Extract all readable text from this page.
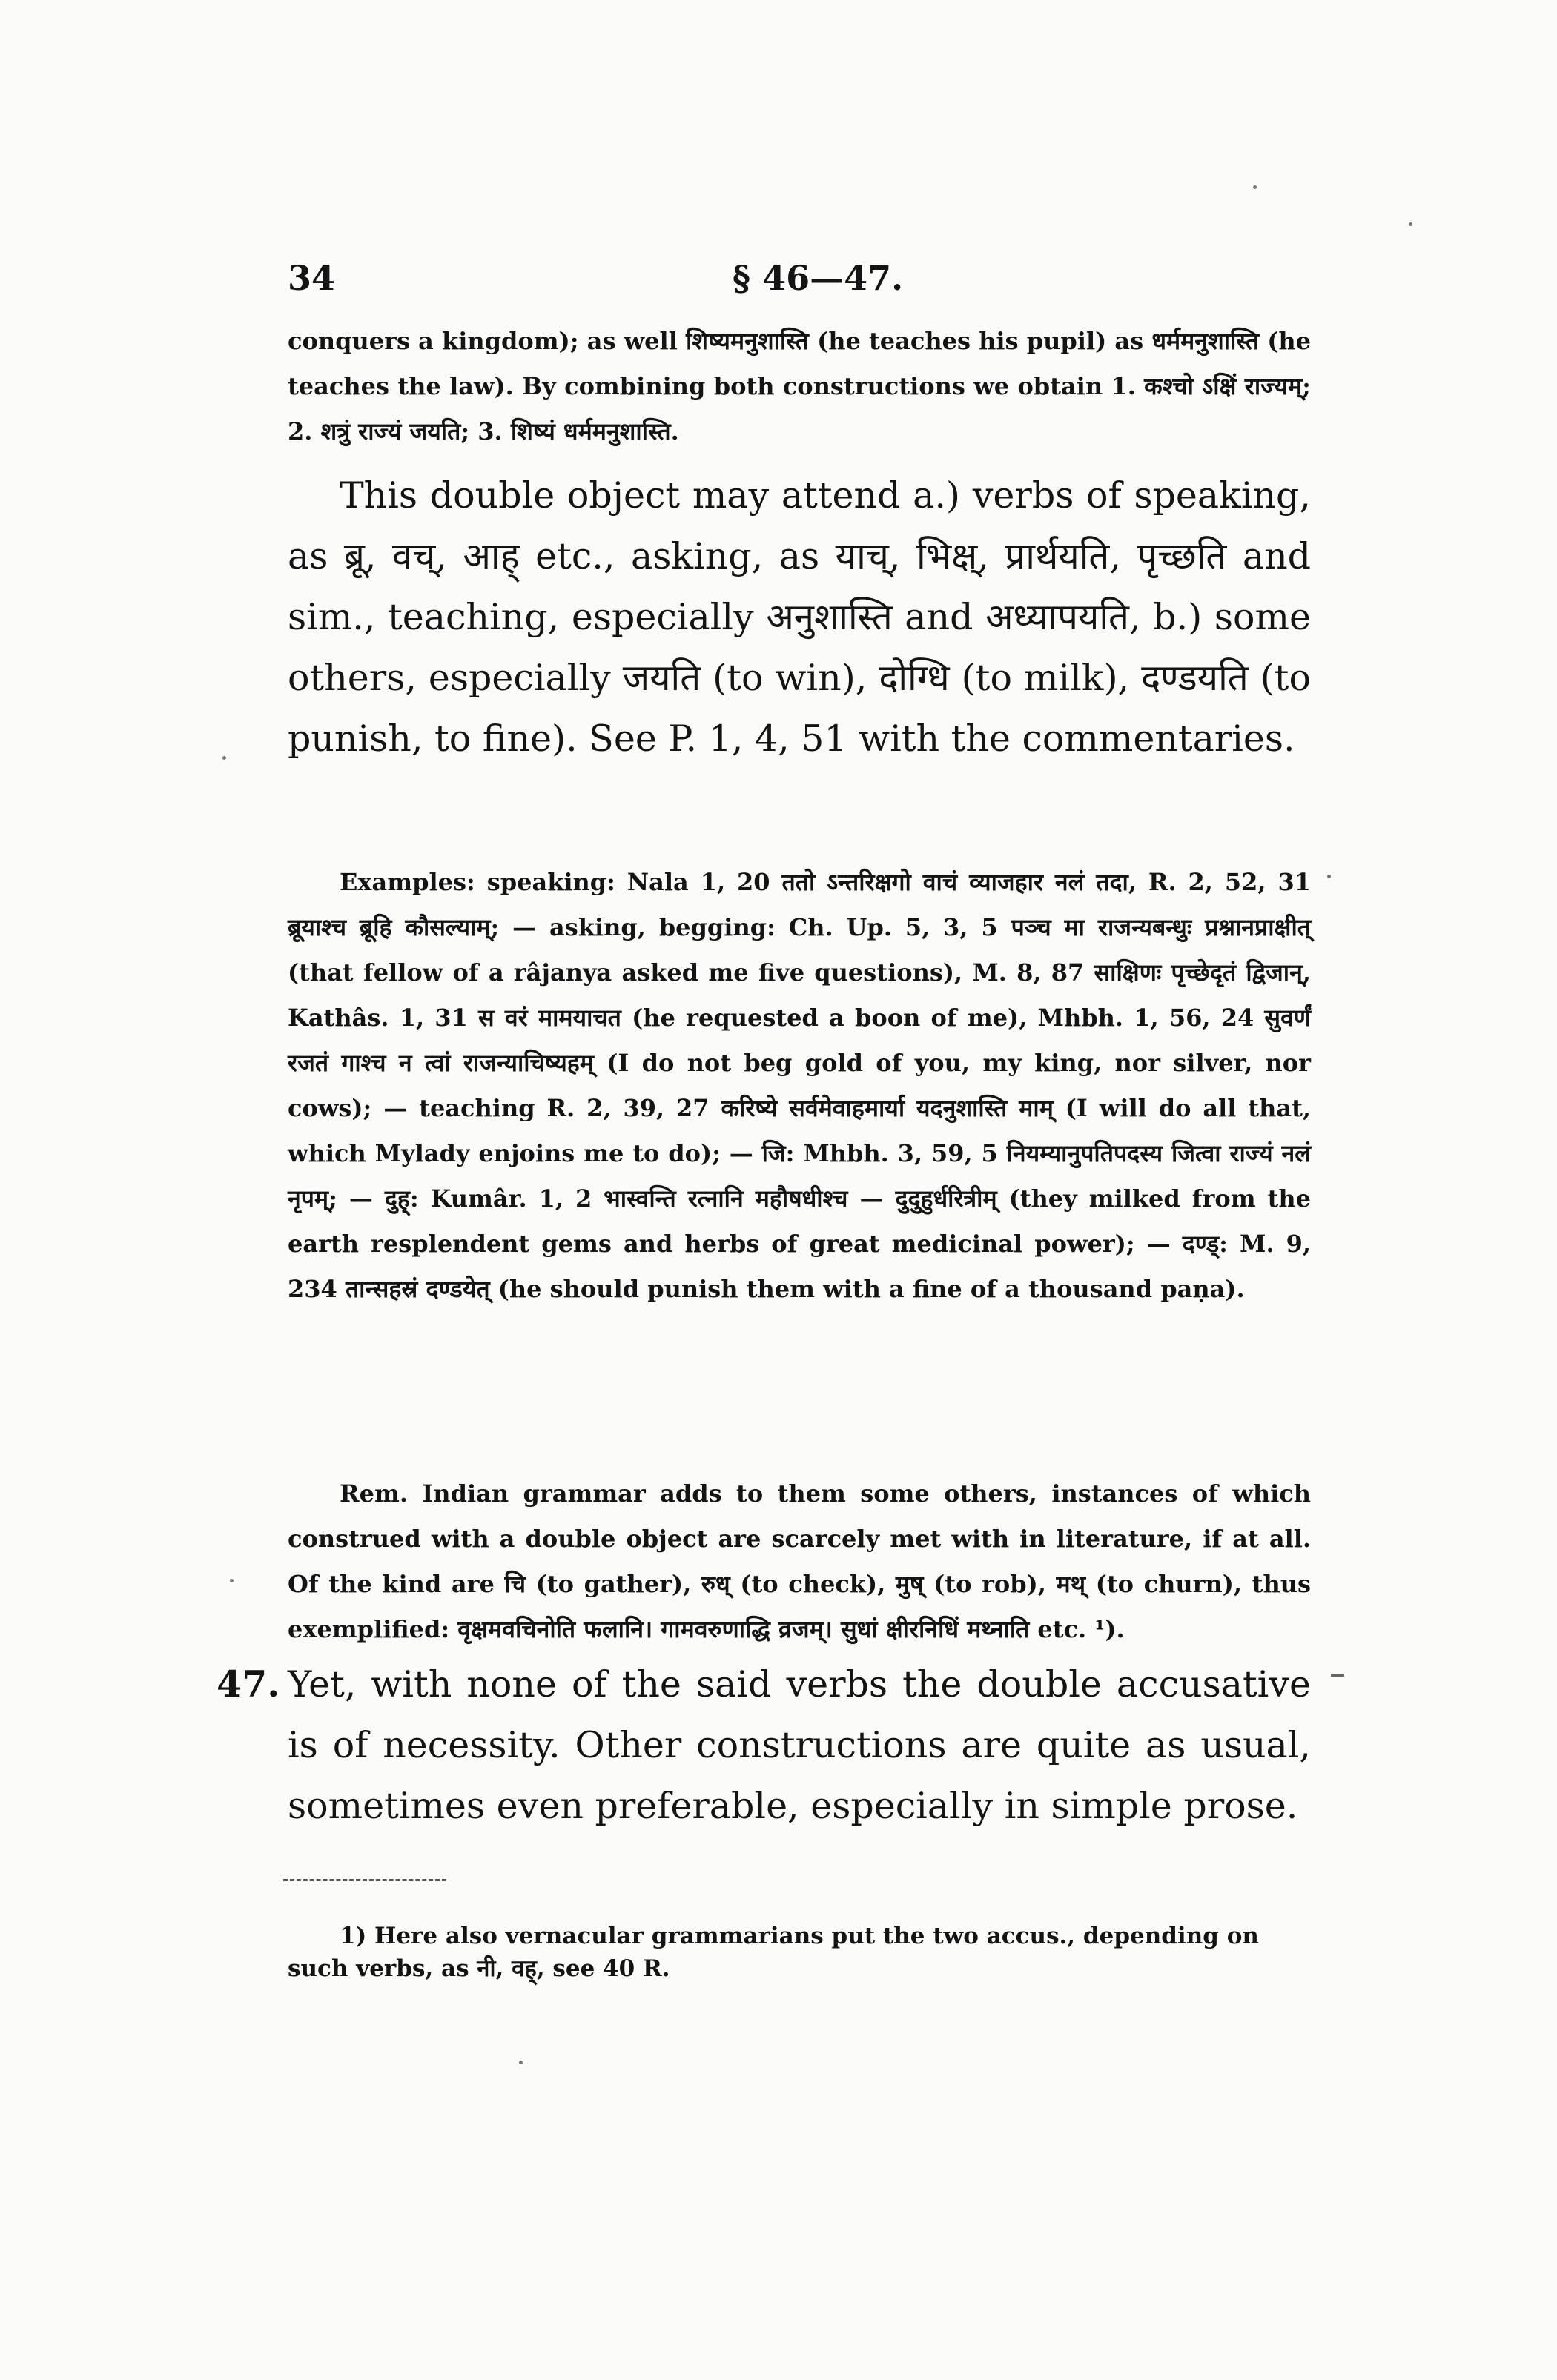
34	§ 46—47.
conquers a kingdom); as well शिष्यमनुशास्ति (he teaches his pupil) as धर्ममनुशास्ति (he teaches the law). By combining both constructions we obtain 1. कश्चो ऽक्षिं राज्यम्; 2. शत्रुं राज्यं जयति; 3. शिष्यं धर्ममनुशास्ति.
This double object may attend a.) verbs of speaking, as ब्रू, वच्, आह् etc., asking, as याच्, भिक्ष्, प्रार्थयति, पृच्छति and sim., teaching, especially अनुशास्ति and अध्यापयति, b.) some others, especially जयति (to win), दोग्धि (to milk), दण्डयति (to punish, to fine). See P. 1, 4, 51 with the commentaries.
Examples: speaking: Nala 1, 20 ततो ऽन्तरिक्षगो वाचं व्याजहार नलं तदा, R. 2, 52, 31 ब्रूयाश्च ब्रूहि कौसल्याम्; — asking, begging: Ch. Up. 5, 3, 5 पञ्च मा राजन्यबन्धुः प्रश्नानप्राक्षीत् (that fellow of a râjanya asked me five questions), M. 8, 87 साक्षिणः पृच्छेदृतं द्विजान्, Kathâs. 1, 31 स वरं मामयाचत (he requested a boon of me), Mhbh. 1, 56, 24 सुवर्णं रजतं गाश्च न त्वां राजन्याचिष्यहम् (I do not beg gold of you, my king, nor silver, nor cows); — teaching R. 2, 39, 27 करिष्ये सर्वमेवाहमार्या यदनुशास्ति माम् (I will do all that, which Mylady enjoins me to do); — जि: Mhbh. 3, 59, 5 नियम्यानुपतिपदस्य जित्वा राज्यं नलं नृपम्; — दुह्: Kumâr. 1, 2 भास्वन्ति रत्नानि महौषधीश्च — दुदुहुर्धरित्रीम् (they milked from the earth resplendent gems and herbs of great medicinal power); — दण्ड्: M. 9, 234 तान्सहस्रं दण्डयेत् (he should punish them with a fine of a thousand paṇa).
Rem. Indian grammar adds to them some others, instances of which construed with a double object are scarcely met with in literature, if at all. Of the kind are चि (to gather), रुध् (to check), मुष् (to rob), मथ् (to churn), thus exemplified: वृक्षमवचिनोति फलानि। गामवरुणाद्धि व्रजम्। सुधां क्षीरनिधिं मथ्नाति etc. ¹).
47. Yet, with none of the said verbs the double accusative is of necessity. Other constructions are quite as usual, sometimes even preferable, especially in simple prose.
1) Here also vernacular grammarians put the two accus., depending on such verbs, as नी, वह्, see 40 R.
